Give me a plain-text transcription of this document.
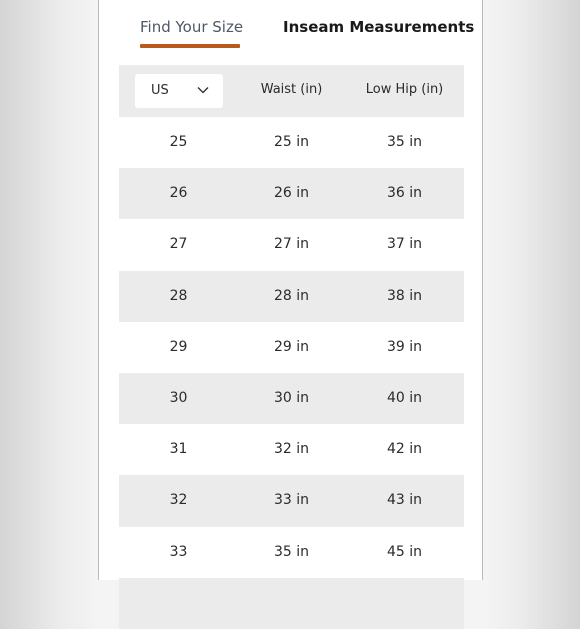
Find Your Size	Inseam Measurements
US	Waist (in)	Low Hip (in)
25	25 in	35 in
26	26 in	36 in
27	27 in	37 in
28	28 in	38 in
29	29 in	39 in
30	30 in	40 in
31	32 in	42 in
32	33 in	43 in
33	35 in	45 in
